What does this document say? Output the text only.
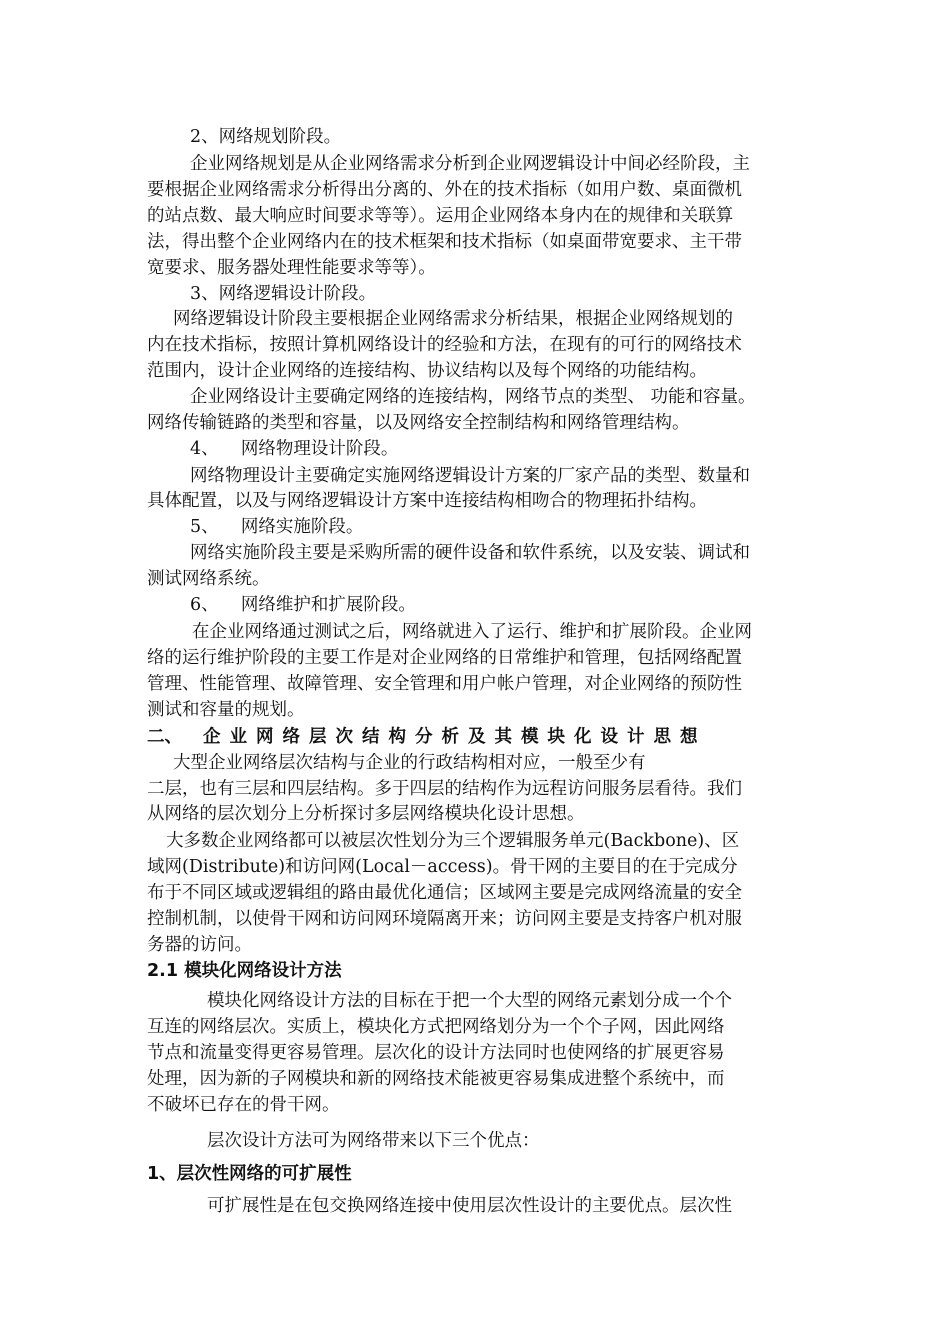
2、网络规划阶段。
企业网络规划是从企业网络需求分析到企业网逻辑设计中间必经阶段，主
要根据企业网络需求分析得出分离的、外在的技术指标（如用户数、桌面微机
的站点数、最大响应时间要求等等）。运用企业网络本身内在的规律和关联算
法，得出整个企业网络内在的技术框架和技术指标（如桌面带宽要求、主干带
宽要求、服务器处理性能要求等等）。
3、网络逻辑设计阶段。
网络逻辑设计阶段主要根据企业网络需求分析结果，根据企业网络规划的
内在技术指标，按照计算机网络设计的经验和方法，在现有的可行的网络技术
范围内，设计企业网络的连接结构、协议结构以及每个网络的功能结构。
企业网络设计主要确定网络的连接结构，网络节点的类型、 功能和容量。
网络传输链路的类型和容量，以及网络安全控制结构和网络管理结构。
4、    网络物理设计阶段。
网络物理设计主要确定实施网络逻辑设计方案的厂家产品的类型、数量和
具体配置，以及与网络逻辑设计方案中连接结构相吻合的物理拓扑结构。
5、    网络实施阶段。
网络实施阶段主要是采购所需的硬件设备和软件系统，以及安装、调试和
测试网络系统。
6、    网络维护和扩展阶段。
在企业网络通过测试之后，网络就进入了运行、维护和扩展阶段。企业网
络的运行维护阶段的主要工作是对企业网络的日常维护和管理，包括网络配置
管理、性能管理、故障管理、安全管理和用户帐户管理，对企业网络的预防性
测试和容量的规划。
二、 企业网络层次结构分析及其模块化设计思想
大型企业网络层次结构与企业的行政结构相对应，一般至少有
二层，也有三层和四层结构。多于四层的结构作为远程访问服务层看待。我们
从网络的层次划分上分析探讨多层网络模块化设计思想。
大多数企业网络都可以被层次性划分为三个逻辑服务单元(Backbone)、区
域网(Distribute)和访问网(Local－access)。骨干网的主要目的在于完成分
布于不同区域或逻辑组的路由最优化通信；区域网主要是完成网络流量的安全
控制机制，以使骨干网和访问网环境隔离开来；访问网主要是支持客户机对服
务器的访问。
2.1 模块化网络设计方法
模块化网络设计方法的目标在于把一个大型的网络元素划分成一个个
互连的网络层次。实质上，模块化方式把网络划分为一个个子网，因此网络
节点和流量变得更容易管理。层次化的设计方法同时也使网络的扩展更容易
处理，因为新的子网模块和新的网络技术能被更容易集成进整个系统中，而
不破坏已存在的骨干网。
层次设计方法可为网络带来以下三个优点：
1、层次性网络的可扩展性
可扩展性是在包交换网络连接中使用层次性设计的主要优点。层次性
